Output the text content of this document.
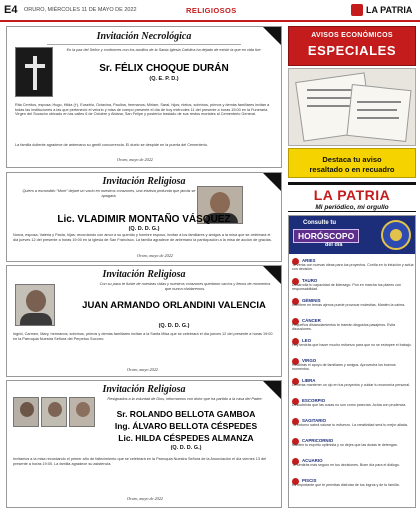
E4 ORURO, MIÉRCOLES 11 DE MAYO DE 2022	RELIGIOSOS	LA PATRIA
Invitación Necrológica
En la paz del Señor y conformes con los auxilios de la Santa Iglesia Católica ha dejado de existir la que en vida fue:
Sr. FÉLIX CHOQUE DURÁN
(Q. E. P. D.)
Rita Cerritos, esposa; Hugo, Hilda (†), Eusebio, Octavina, Paulina, hermanos; Miriam, Sarai, hijos; nietos, sobrinos, primos y demás familiares invitan a todas las instituciones a las que perteneció el velorio y misa de cuerpo presente el día de hoy miércoles 11 del presente a horas 15:00 en la Funeraria Virgen del Socavón ubicado en las calles 6 de Octubre y Aldana, San Felipe y posterior traslado de sus restos mortales al Cementerio General.
La familia doliente agradece de antemano su gentil concurrencia. El duelo se despide en la puerta del Cementerio.
Oruro, mayo de 2022
Invitación Religiosa
Quiero a escondido “Morir” dejaré un vacío en nuestros corazones, una tristeza profunda que jamás se apagará.
Lic. VLADIMIR MONTAÑO VÁSQUEZ
(Q. D. D. G.)
Norca, esposa; Valeria y Paola, hijas; recordando con amor a su querido y hombre esposo, invitan a los familiares y amigos a la misa que se celebrará el día jueves 12 del presente a horas 19:00 en la Iglesia de San Francisco. La familia agradece de antemano la participación a la misa de acción de gracias.
Oruro, mayo de 2022
Invitación Religiosa
Con su paso te fuiste de nuestras vidas y nuestros corazones quedaron vacíos y llenos de momentos que nunca olvidaremos.
JUAN ARMANDO ORLANDINI VALENCIA
(Q. D. D. G.)
Ingrid, Carmen, Mary, hermanos; sobrinos, primos y demás familiares invitan a la Santa Misa que se celebrará el día jueves 12 del presente a horas 19:00 en la Parroquia Nuestra Señora del Perpetuo Socorro.
Oruro, mayo 2022
Invitación Religiosa
Resignados a la voluntad de Dios, informamos con dolor que ha partido a la casa del Padre:
Sr. ROLANDO BELLOTA GAMBOA
Ing. ÁLVARO BELLOTA CÉSPEDES
Lic. HILDA CÉSPEDES ALMANZA
(Q. D. D. G.)
Invitamos a la misa recordando el primer año de fallecimiento que se celebrará en la Parroquia Nuestra Señora de la Anunciación el día viernes 13 del presente a horas 19:00. La familia agradece su asistencia.
Oruro, mayo de 2022
AVISOS ECONÓMICOS
ESPECIALES
Destaca tu aviso
resaltado o en recuadro
LA PATRIA
Mi periódico, mi orgullo
Consulte tu
HORÓSCOPO
del día
ARIES
Te verás con nuevas ideas para tus proyectos. Confía en tu intuición y actúa con decisión.
TAURO
Desarrolla tu capacidad de liderazgo. Pon en marcha tus planes con responsabilidad.
GÉMINIS
Interfiere en temas ajenos puede provocar molestias. Mantén la calma.
CÁNCER
Pequeños distanciamientos te traerán disgustos pasajeros. Evita discusiones.
LEO
Hoy tendrás que hacer mucho esfuerzo para que no se estropee el trabajo.
VIRGO
Recibirás el apoyo de familiares y amigos. Aprovecha los buenos momentos.
LIBRA
Deberás mantener un ojo en tus proyectos y cuidar tu economía personal.
ESCORPIO
Descubrirás que las cosas no son como parecían. Actúa con prudencia.
SAGITARIO
Tu entorno sabrá valorar tu esfuerzo. La creatividad será tu mejor aliada.
CAPRICORNIO
Mantén tu espíritu optimista y no dejes que las dudas te detengan.
ACUARIO
Te sentirás más seguro en tus decisiones. Buen día para el diálogo.
PISCIS
Es importante que te permitas disfrutar de tus logros y de tu familia.
